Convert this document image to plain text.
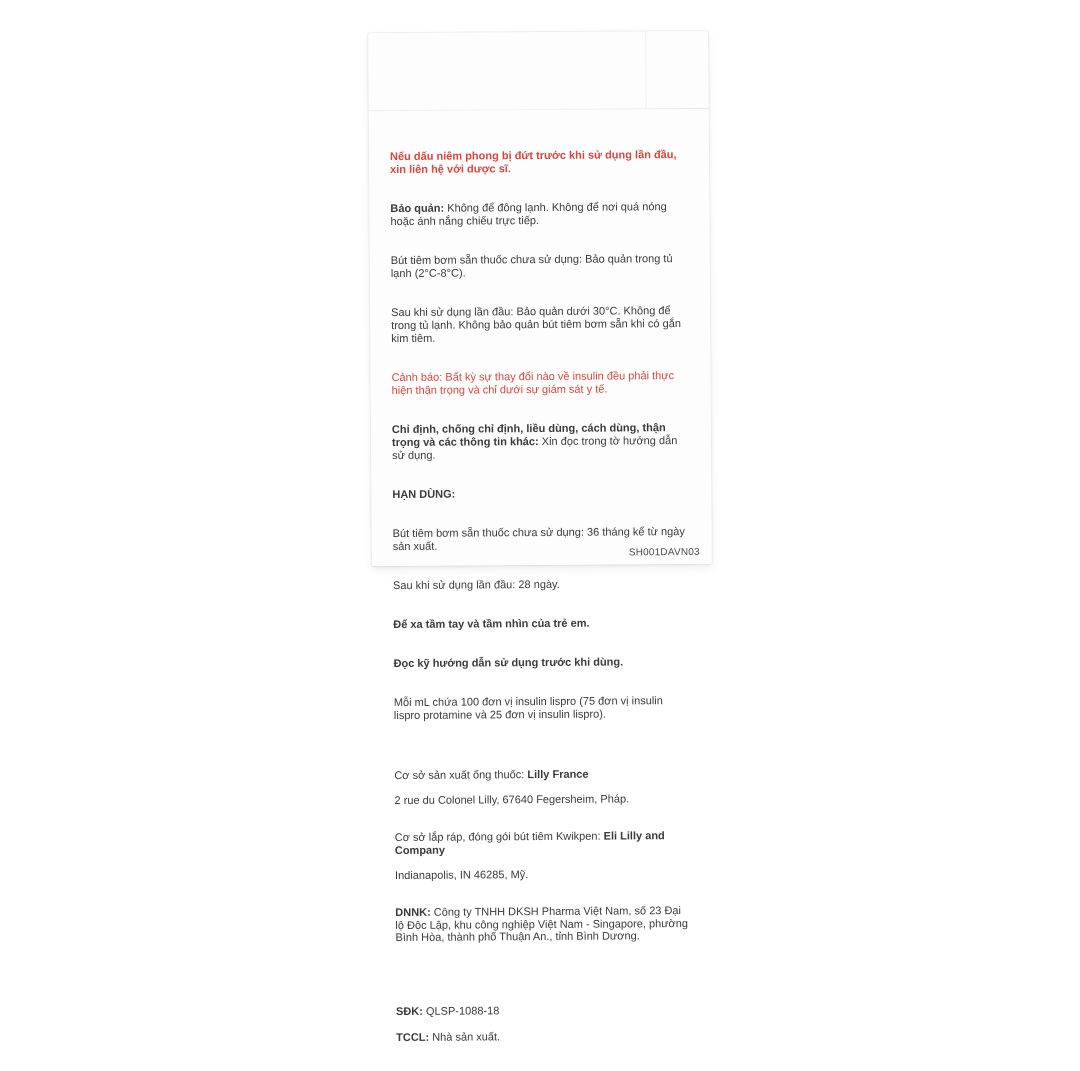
Nếu dấu niêm phong bị đứt trước khi sử dụng lần đầu,
xin liên hệ với dược sĩ.

Bảo quản: Không để đông lạnh. Không để nơi quá nóng
hoặc ánh nắng chiếu trực tiếp.

Bút tiêm bơm sẵn thuốc chưa sử dụng: Bảo quản trong tủ
lạnh (2°C-8°C).

Sau khi sử dụng lần đầu: Bảo quản dưới 30°C. Không để
trong tủ lạnh. Không bảo quản bút tiêm bơm sẵn khi có gắn
kim tiêm.

Cảnh báo: Bất kỳ sự thay đổi nào về insulin đều phải thực
hiện thận trọng và chỉ dưới sự giám sát y tế.

Chỉ định, chống chỉ định, liều dùng, cách dùng, thận
trọng và các thông tin khác: Xin đọc trong tờ hướng dẫn
sử dụng.

HẠN DÙNG:

Bút tiêm bơm sẵn thuốc chưa sử dụng: 36 tháng kể từ ngày
sản xuất.

Sau khi sử dụng lần đầu: 28 ngày.

Để xa tầm tay và tầm nhìn của trẻ em.

Đọc kỹ hướng dẫn sử dụng trước khi dùng.

Mỗi mL chứa 100 đơn vị insulin lispro (75 đơn vị insulin
lispro protamine và 25 đơn vị insulin lispro).

Cơ sở sản xuất ống thuốc: Lilly France

2 rue du Colonel Lilly, 67640 Fegersheim, Pháp.

Cơ sở lắp ráp, đóng gói bút tiêm Kwikpen: Eli Lilly and
Company

Indianapolis, IN 46285, Mỹ.

DNNK: Công ty TNHH DKSH Pharma Việt Nam, số 23 Đại
lộ Độc Lập, khu công nghiệp Việt Nam - Singapore, phường
Bình Hòa, thành phố Thuận An., tỉnh Bình Dương.

SĐK: QLSP-1088-18

TCCL: Nhà sản xuất.

SH001DAVN03
